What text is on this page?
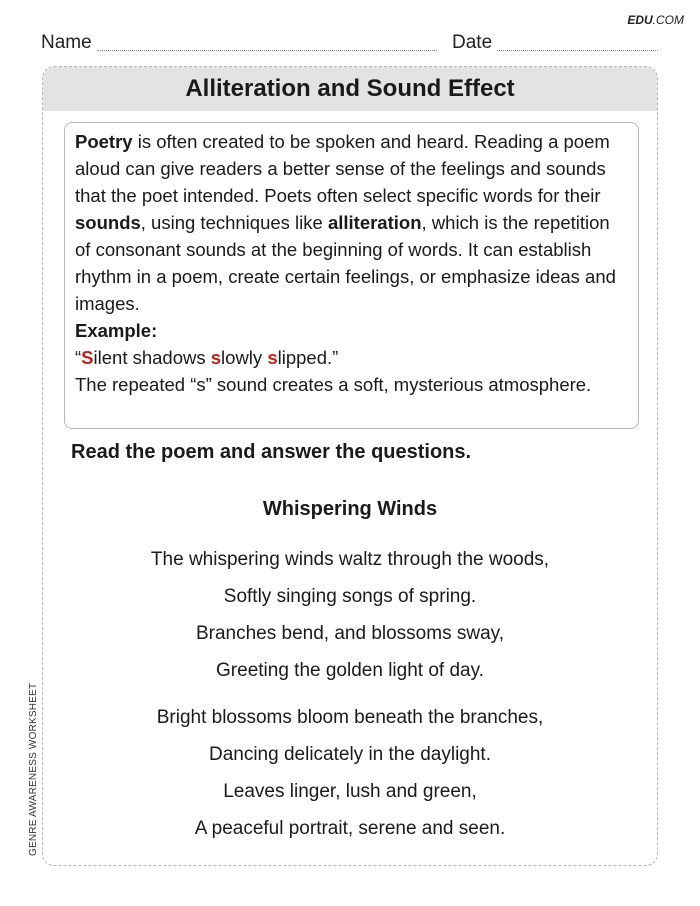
EDU.COM
Name	Date
Alliteration and Sound Effect

Poetry is often created to be spoken and heard. Reading a poem aloud can give readers a better sense of the feelings and sounds that the poet intended. Poets often select specific words for their sounds, using techniques like alliteration, which is the repetition of consonant sounds at the beginning of words. It can establish rhythm in a poem, create certain feelings, or emphasize ideas and images.

Example:

“Silent shadows slowly slipped.”

The repeated “s” sound creates a soft, mysterious atmosphere.

Read the poem and answer the questions.
Whispering Winds
The whispering winds waltz through the woods,
Softly singing songs of spring.
Branches bend, and blossoms sway,
Greeting the golden light of day.
Bright blossoms bloom beneath the branches,
Dancing delicately in the daylight.
Leaves linger, lush and green,
A peaceful portrait, serene and seen.
GENRE AWARENESS WORKSHEET
